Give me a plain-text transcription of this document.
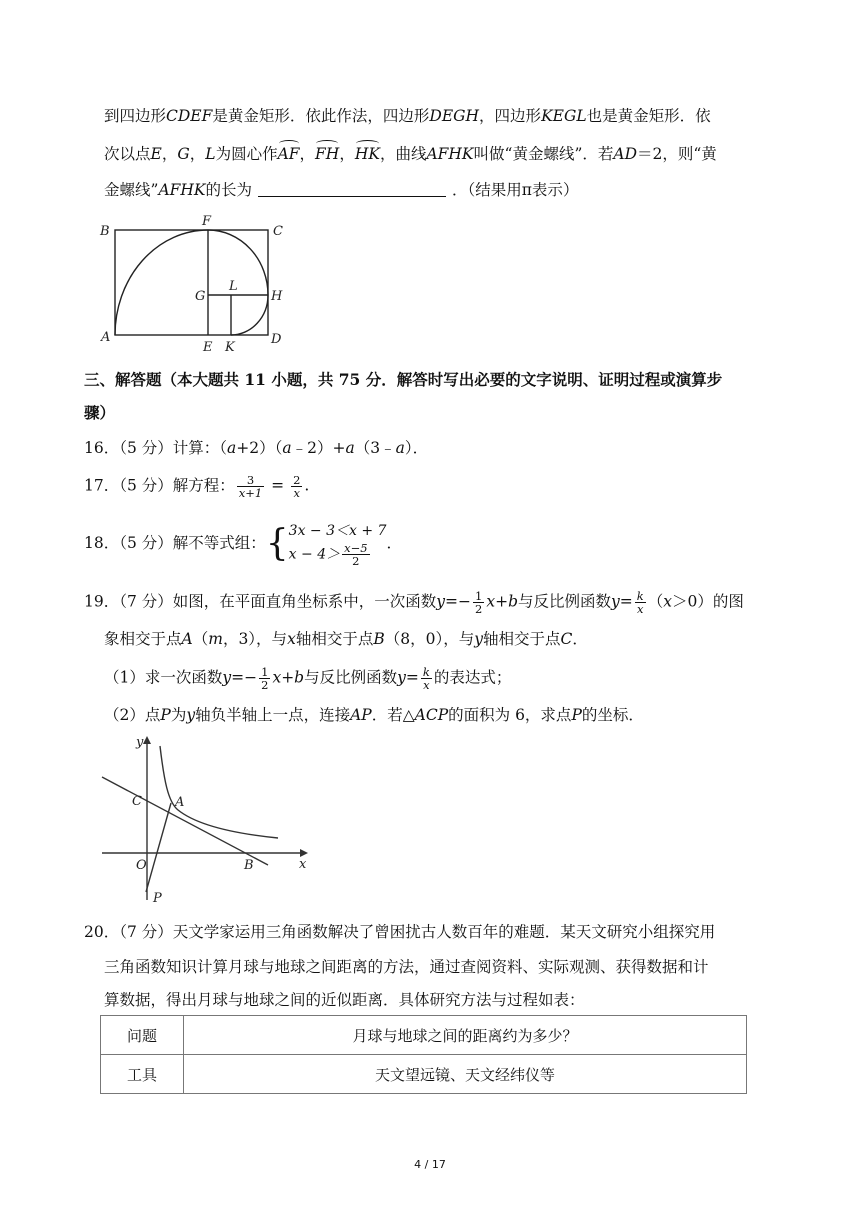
到四边形CDEF是黄金矩形．依此作法，四边形DEGH，四边形KEGL也是黄金矩形．依
次以点E，G，L为圆心作AF，FH，HK，曲线AFHK叫做“黄金螺线”．若AD＝2，则“黄
金螺线”AFHK的长为	．（结果用π表示）
B
F
C
G
L
H
A
E K
D
三、解答题（本大题共 11 小题，共 75 分．解答时写出必要的文字说明、证明过程或演算步
骤）
16．（5 分）计算：（a+2）（a﹣2）+a（3﹣a）．
17．（5 分）解方程： $\frac{3}{x+1} = \frac{2}{x}$ .
18．（5 分）解不等式组：{ 3x − 3＜x + 7
$x - 4> \frac{x-5}{2}$ ．
19．（7 分）如图，在平面直角坐标系中，一次函数$y=- \frac{1}{2} x+b$与反比例函数$y= \frac{k}{x} (x>0)$的图
象相交于点A（m，3），与x轴相交于点B（8，0），与y轴相交于点C．
（1）求一次函数$y=- \frac{1}{2} x+b$与反比例函数$y= \frac{k}{x}$ 的表达式；
（2）点P为y轴负半轴上一点，连接AP．若△ACP的面积为 6，求点P的坐标．
y
x
C	A
O	B
P
20．（7 分）天文学家运用三角函数解决了曾困扰古人数百年的难题．某天文研究小组探究用
三角函数知识计算月球与地球之间距离的方法，通过查阅资料、实际观测、获得数据和计
算数据，得出月球与地球之间的近似距离．具体研究方法与过程如表：
问题	月球与地球之间的距离约为多少？
工具	天文望远镜、天文经纬仪等
4 / 17
